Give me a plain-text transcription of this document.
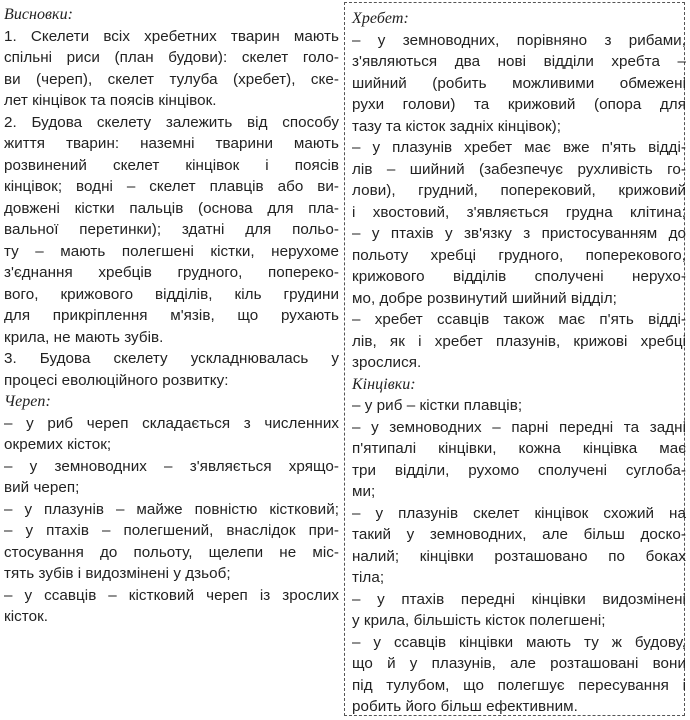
Висновки:
1. Скелети всіх хребетних тварин мають
спільні риси (план будови): скелет голо-
ви (череп), скелет тулуба (хребет), ске-
лет кінцівок та поясів кінцівок.
2. Будова скелету залежить від способу
життя тварин: наземні тварини мають
розвинений скелет кінцівок і поясів
кінцівок; водні – скелет плавців або ви-
довжені кістки пальців (основа для пла-
вальної перетинки); здатні для польо-
ту – мають полегшені кістки, нерухоме
з'єднання хребців грудного, попереко-
вого, крижового відділів, кіль грудини
для прикріплення м'язів, що рухають
крила, не мають зубів.
3. Будова скелету ускладнювалась у
процесі еволюційного розвитку:
Череп:
– у риб череп складається з численних
окремих кісток;
– у земноводних – з'являється хрящо-
вий череп;
– у плазунів – майже повністю кістковий;
– у птахів – полегшений, внаслідок при-
стосування до польоту, щелепи не міс-
тять зубів і видозмінені у дзьоб;
– у ссавців – кістковий череп із зрослих
кісток.
Хребет:
– у земноводних, порівняно з рибами,
з'являються два нові відділи хребта –
шийний (робить можливими обмежені
рухи голови) та крижовий (опора для
тазу та кісток задніх кінцівок);
– у плазунів хребет має вже п'ять відді-
лів – шийний (забезпечує рухливість го-
лови), грудний, поперековий, крижовий
і хвостовий, з'являється грудна клітина;
– у птахів у зв'язку з пристосуванням до
польоту хребці грудного, поперекового,
крижового відділів сполучені нерухо-
мо, добре розвинутий шийний відділ;
– хребет ссавців також має п'ять відді-
лів, як і хребет плазунів, крижові хребці
зрослися.
Кінцівки:
– у риб – кістки плавців;
– у земноводних – парні передні та задні
п'ятипалі кінцівки, кожна кінцівка має
три відділи, рухомо сполучені суглоба-
ми;
– у плазунів скелет кінцівок схожий на
такий у земноводних, але більш доско-
налий; кінцівки розташовано по боках
тіла;
– у птахів передні кінцівки видозмінені
у крила, більшість кісток полегшені;
– у ссавців кінцівки мають ту ж будову,
що й у плазунів, але розташовані вони
під тулубом, що полегшує пересування і
робить його більш ефективним.
